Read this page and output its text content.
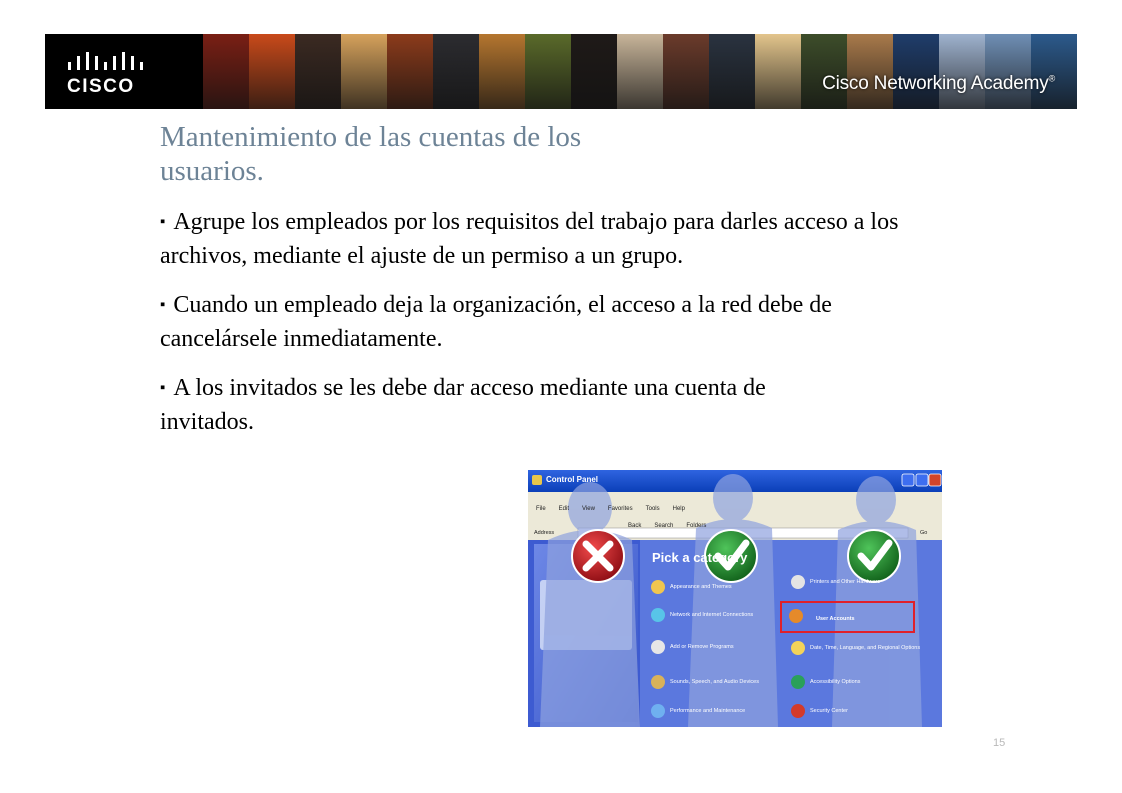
CISCO	Cisco Networking Academy®
Mantenimiento de las cuentas de los
usuarios.
▪ Agrupe los empleados por los requisitos del trabajo para darles acceso a los archivos, mediante el ajuste de un permiso a un grupo.
▪ Cuando un empleado deja la organización, el acceso a la red debe de cancelársele inmediatamente.
▪ A los invitados se les debe dar acceso mediante una cuenta de invitados.
Control Panel
File Edit View Favorites Tools Help
Back Search Folders
Address	Go
Pick a category
Appearance and Themes
Network and Internet Connections
Add or Remove Programs
Sounds, Speech, and Audio Devices
Performance and Maintenance
Printers and Other Hardware
Date, Time, Language, and Regional Options
Accessibility Options
Security Center
User Accounts
15
